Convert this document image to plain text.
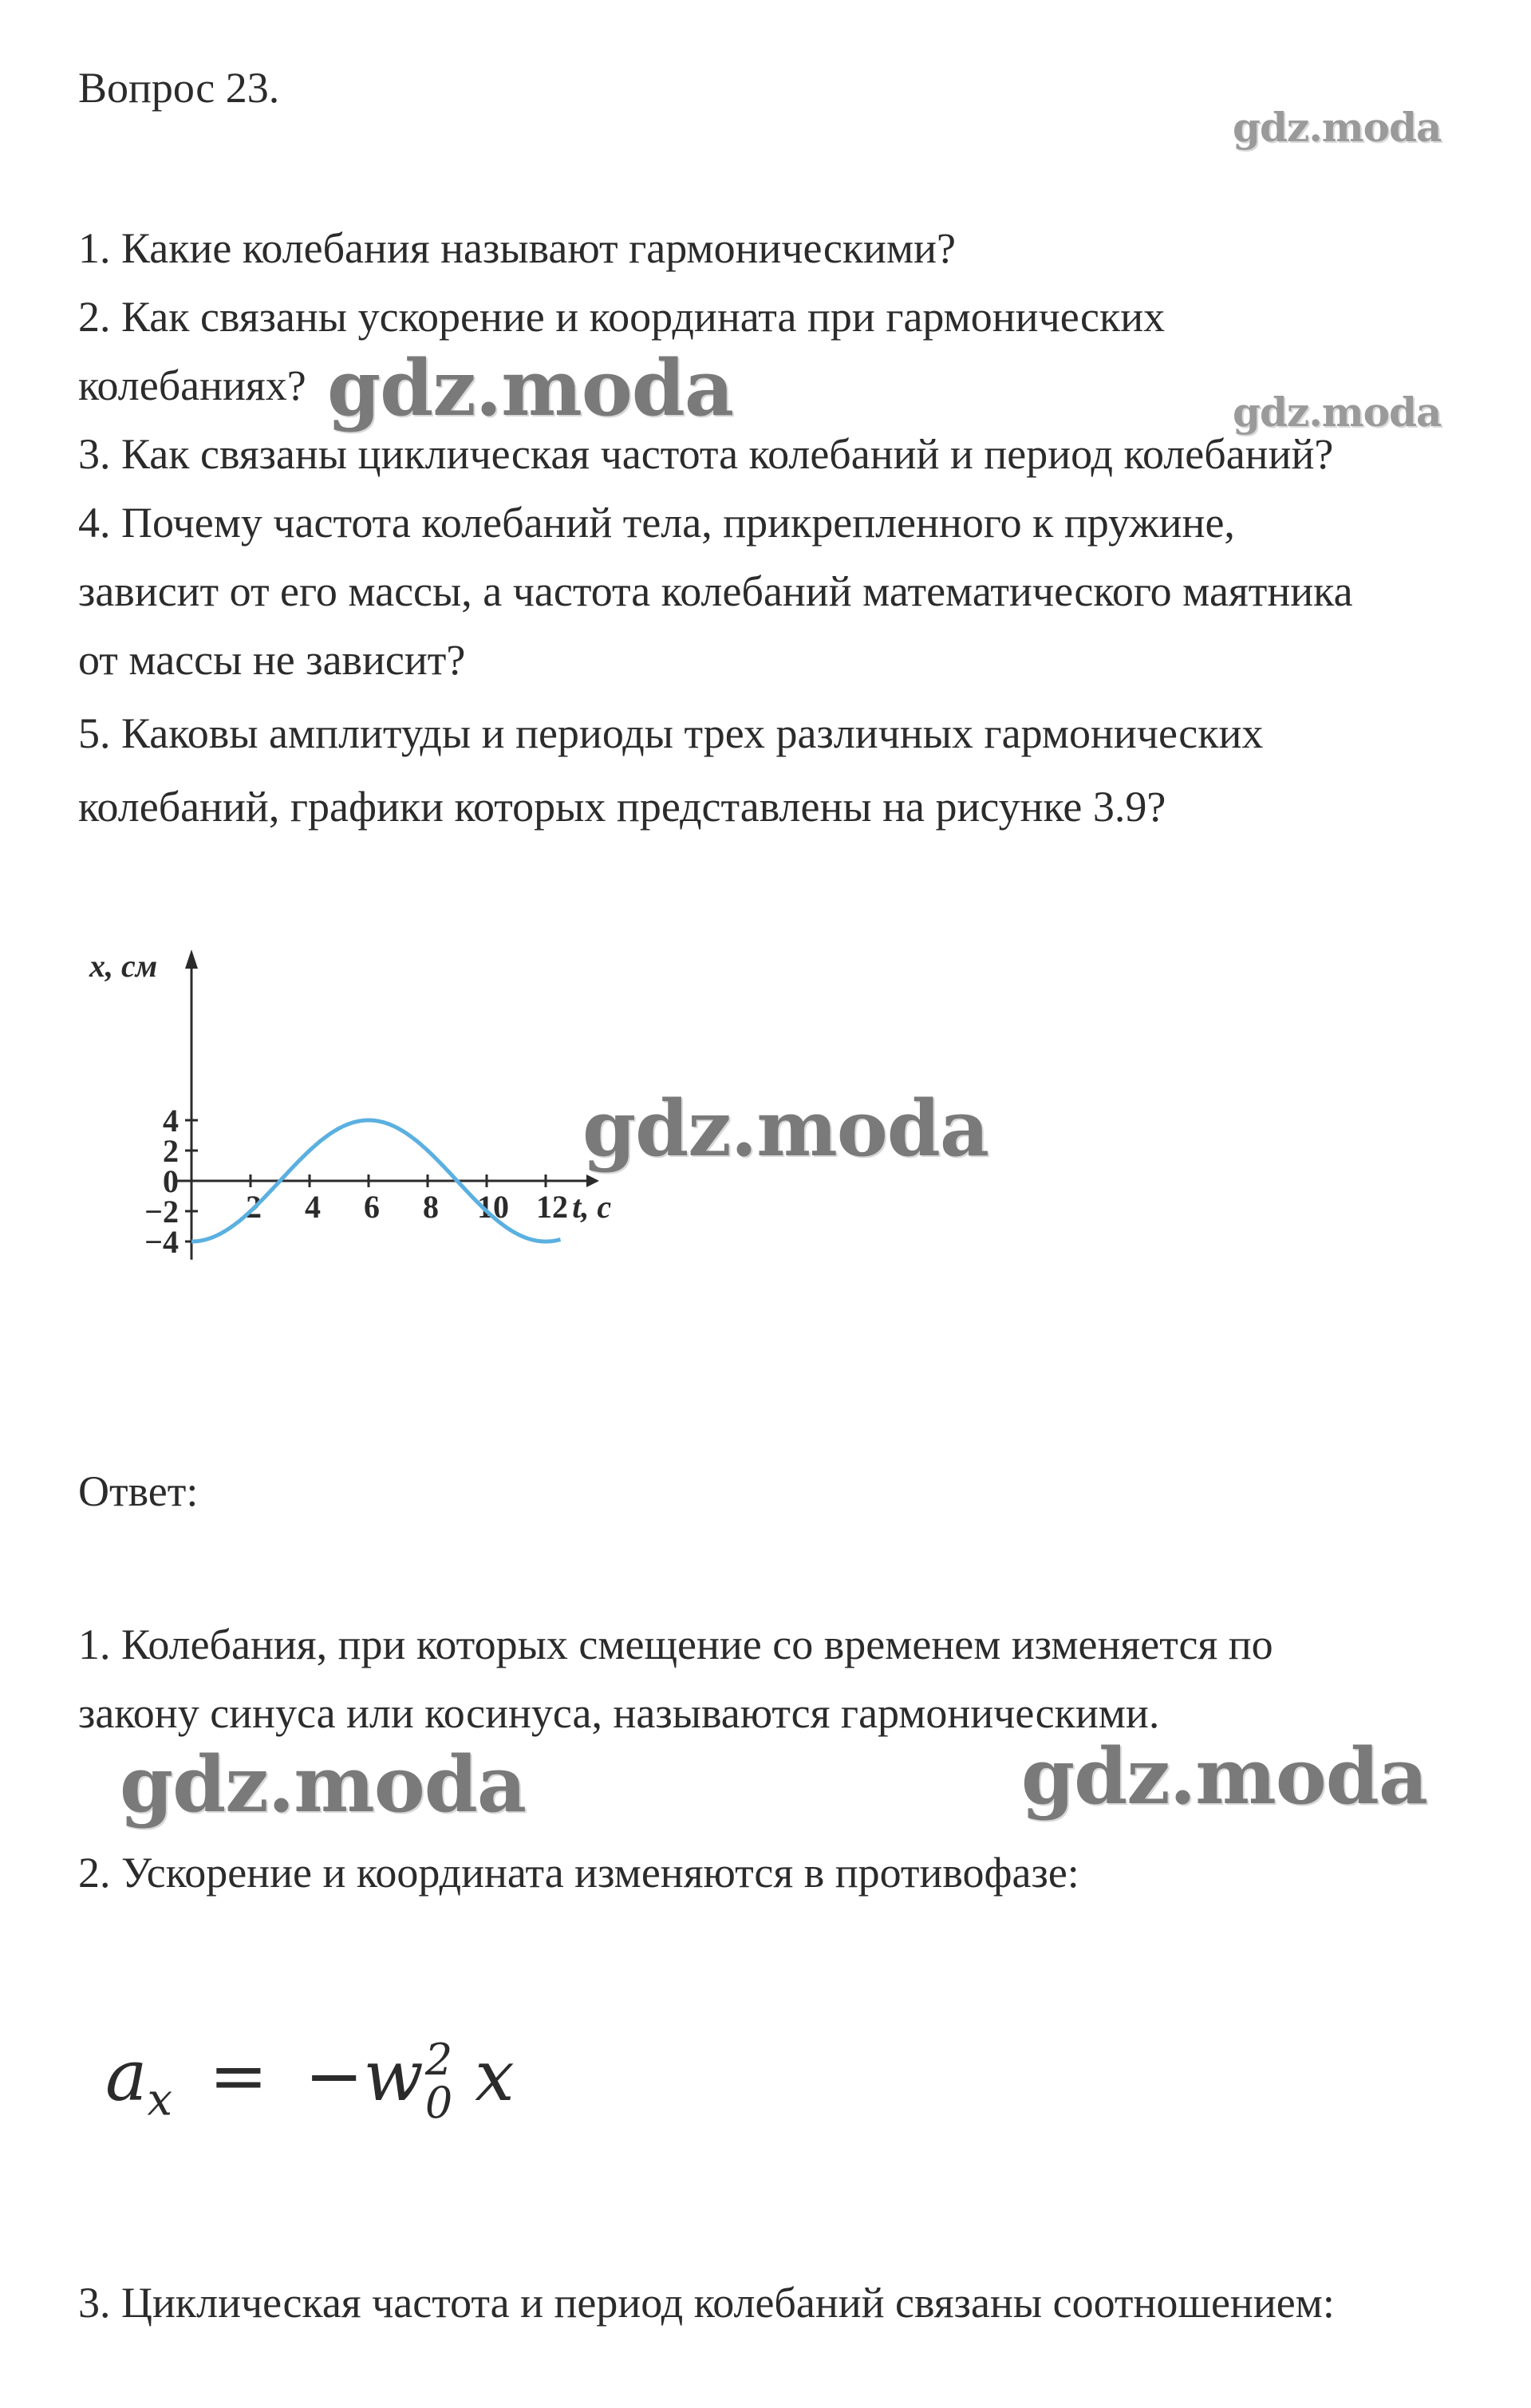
Вопрос 23.
1. Какие колебания называют гармоническими?
2. Как связаны ускорение и координата при гармонических
колебаниях?
3. Как связаны циклическая частота колебаний и период колебаний?
4. Почему частота колебаний тела, прикрепленного к пружине,
зависит от его массы, а частота колебаний математического маятника
от массы не зависит?
5. Каковы амплитуды и периоды трех различных гармонических
колебаний, графики которых представлены на рисунке 3.9?
gdz.moda
gdz.moda	gdz.moda
gdz.moda
gdz.moda	gdz.moda
4
2
0
−2
−4
2 4 6 8 10 12
x, см
t, с
Ответ:
1. Колебания, при которых смещение со временем изменяется по
закону синуса или косинуса, называются гармоническими.
2. Ускорение и координата изменяются в противофазе:
$a_x = -w$ 2
0 x
3. Циклическая частота и период колебаний связаны соотношением:
